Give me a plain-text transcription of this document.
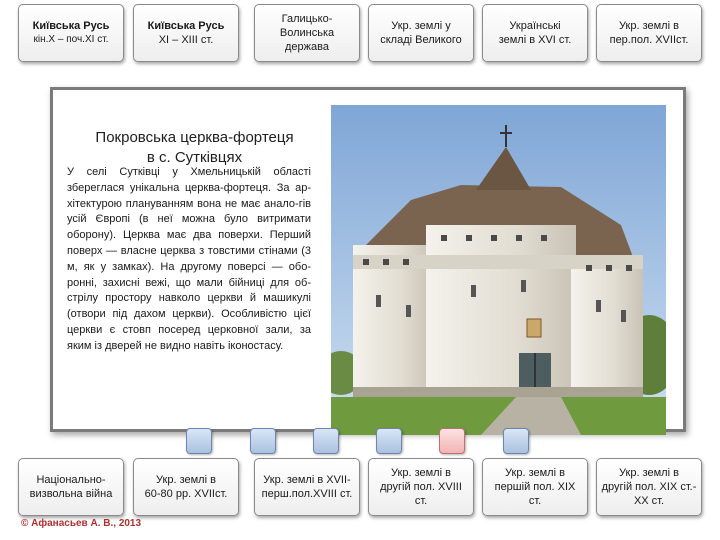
Київська Русь
кін.X – поч.XI ст.
Київська Русь
XI – XIII ст.
Галицько-
Волинська держава
Укр. землі у
складі Великого
Українські
землі в XVI ст.
Укр. землі в
пер.пол. XVIIст.
Покровська церква-фортеця
в с. Сутківцях
У селі Сутківці у Хмельницькій області збереглася унікальна церква-фортеця. За ар-хітектурою плануванням вона не має анало-гів усій Європі (в неї можна було витримати оборону). Церква має два поверхи. Перший поверх — власне церква з товстими стінами (3 м, як у замках). На другому поверсі — обо-ронні, захисні вежі, що мали бійниці для об-стрілу простору навколо церкви й машикулі (отвори під дахом церкви). Особливістю цієї церкви є стовп посеред церковної зали, за яким із дверей не видно навіть іконостасу.
Національно-
визвольна війна
Укр. землі в
60-80 рр. XVIIст.
Укр. землі в XVII-
перш.пол.XVIII ст.
Укр. землі в
другій пол. XVIII ст.
Укр. землі в
першій пол. XIX ст.
Укр. землі в
другій пол. XIX ст.-XX ст.
© Афанасьев А. В., 2013
